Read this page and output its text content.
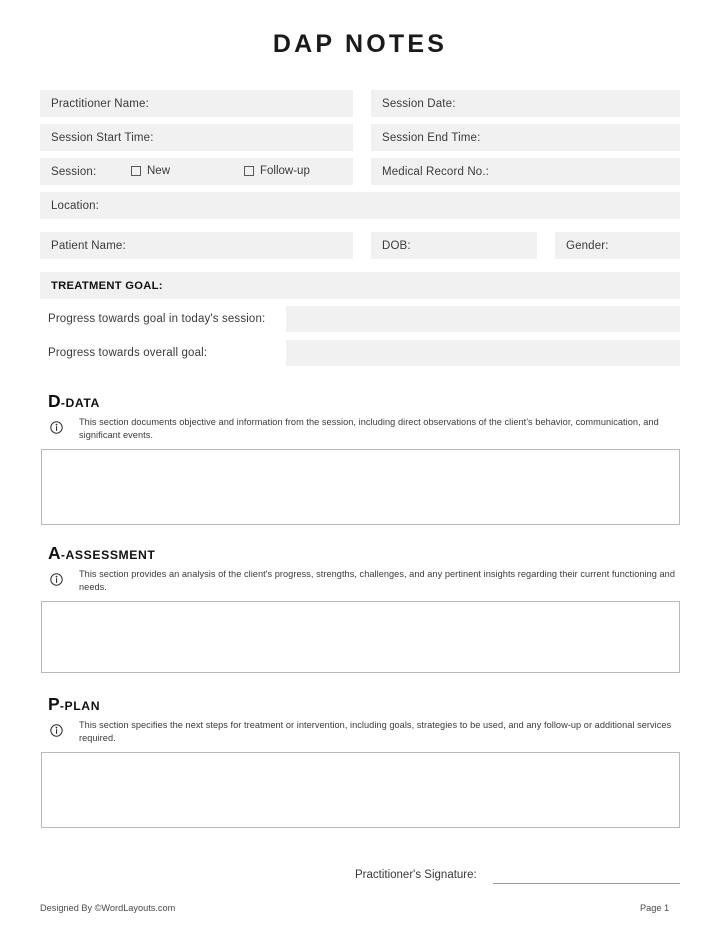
DAP NOTES
Practitioner Name:	Session Date:
Session Start Time:	Session End Time:
Session:	New	Follow-up	Medical Record No.:
Location:
Patient Name:	DOB:	Gender:
TREATMENT GOAL:
Progress towards goal in today's session:
Progress towards overall goal:
D-DATA
This section documents objective and information from the session, including direct observations of the client's behavior, communication, and significant events.
A-ASSESSMENT
This section provides an analysis of the client's progress, strengths, challenges, and any pertinent insights regarding their current functioning and needs.
P-PLAN
This section specifies the next steps for treatment or intervention, including goals, strategies to be used, and any follow-up or additional services required.
Practitioner's Signature:
Designed By ©WordLayouts.com	Page 1
